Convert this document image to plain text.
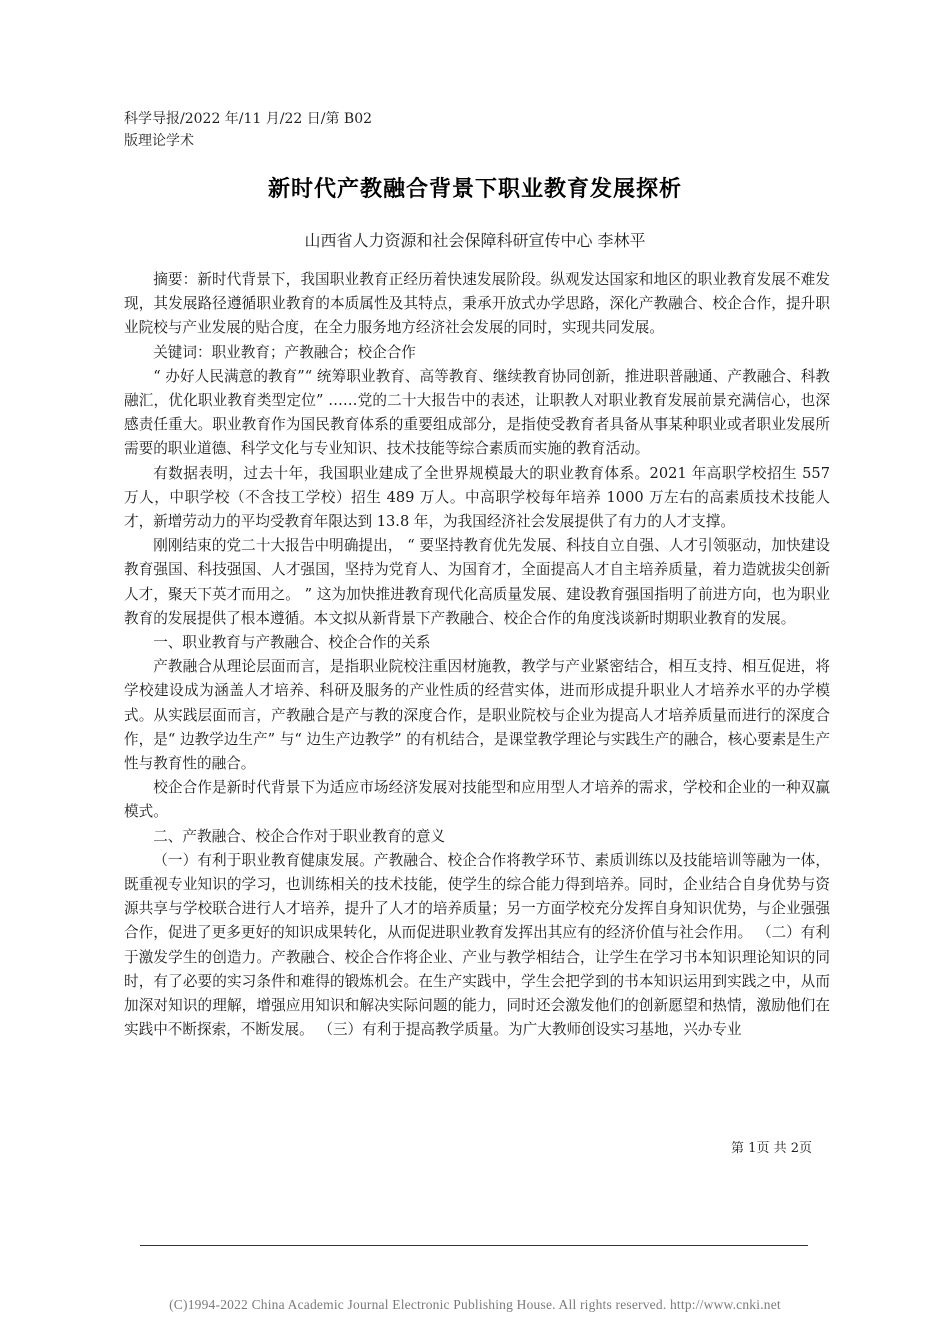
科学导报/2022 年/11 月/22 日/第 B02
版理论学术
新时代产教融合背景下职业教育发展探析
山西省人力资源和社会保障科研宣传中心 李林平

摘要：新时代背景下，我国职业教育正经历着快速发展阶段。纵观发达国家和地区的职业教育发展不难发现，其发展路径遵循职业教育的本质属性及其特点，秉承开放式办学思路，深化产教融合、校企合作，提升职业院校与产业发展的贴合度，在全力服务地方经济社会发展的同时，实现共同发展。

关键词：职业教育；产教融合；校企合作

“ 办好人民满意的教育”“ 统筹职业教育、高等教育、继续教育协同创新，推进职普融通、产教融合、科教融汇，优化职业教育类型定位” ……党的二十大报告中的表述，让职教人对职业教育发展前景充满信心，也深感责任重大。职业教育作为国民教育体系的重要组成部分，是指使受教育者具备从事某种职业或者职业发展所需要的职业道德、科学文化与专业知识、技术技能等综合素质而实施的教育活动。

有数据表明，过去十年，我国职业建成了全世界规模最大的职业教育体系。2021 年高职学校招生 557 万人，中职学校（不含技工学校）招生 489 万人。中高职学校每年培养 1000 万左右的高素质技术技能人才，新增劳动力的平均受教育年限达到 13.8 年，为我国经济社会发展提供了有力的人才支撑。

刚刚结束的党二十大报告中明确提出， “ 要坚持教育优先发展、科技自立自强、人才引领驱动，加快建设教育强国、科技强国、人才强国，坚持为党育人、为国育才，全面提高人才自主培养质量，着力造就拔尖创新人才，聚天下英才而用之。 ” 这为加快推进教育现代化高质量发展、建设教育强国指明了前进方向，也为职业教育的发展提供了根本遵循。本文拟从新背景下产教融合、校企合作的角度浅谈新时期职业教育的发展。

一、职业教育与产教融合、校企合作的关系

产教融合从理论层面而言，是指职业院校注重因材施教，教学与产业紧密结合，相互支持、相互促进，将学校建设成为涵盖人才培养、科研及服务的产业性质的经营实体，进而形成提升职业人才培养水平的办学模式。从实践层面而言，产教融合是产与教的深度合作，是职业院校与企业为提高人才培养质量而进行的深度合作，是“ 边教学边生产” 与“ 边生产边教学” 的有机结合，是课堂教学理论与实践生产的融合，核心要素是生产性与教育性的融合。

校企合作是新时代背景下为适应市场经济发展对技能型和应用型人才培养的需求，学校和企业的一种双赢模式。

二、产教融合、校企合作对于职业教育的意义

（一）有利于职业教育健康发展。产教融合、校企合作将教学环节、素质训练以及技能培训等融为一体，既重视专业知识的学习，也训练相关的技术技能，使学生的综合能力得到培养。同时，企业结合自身优势与资源共享与学校联合进行人才培养，提升了人才的培养质量；另一方面学校充分发挥自身知识优势，与企业强强合作，促进了更多更好的知识成果转化，从而促进职业教育发挥出其应有的经济价值与社会作用。 （二）有利于激发学生的创造力。产教融合、校企合作将企业、产业与教学相结合，让学生在学习书本知识理论知识的同时，有了必要的实习条件和难得的锻炼机会。在生产实践中，学生会把学到的书本知识运用到实践之中，从而加深对知识的理解，增强应用知识和解决实际问题的能力，同时还会激发他们的创新愿望和热情，激励他们在实践中不断探索，不断发展。 （三）有利于提高教学质量。为广大教师创设实习基地，兴办专业

第 1页 共 2页
(C)1994-2022 China Academic Journal Electronic Publishing House. All rights reserved. http://www.cnki.net
